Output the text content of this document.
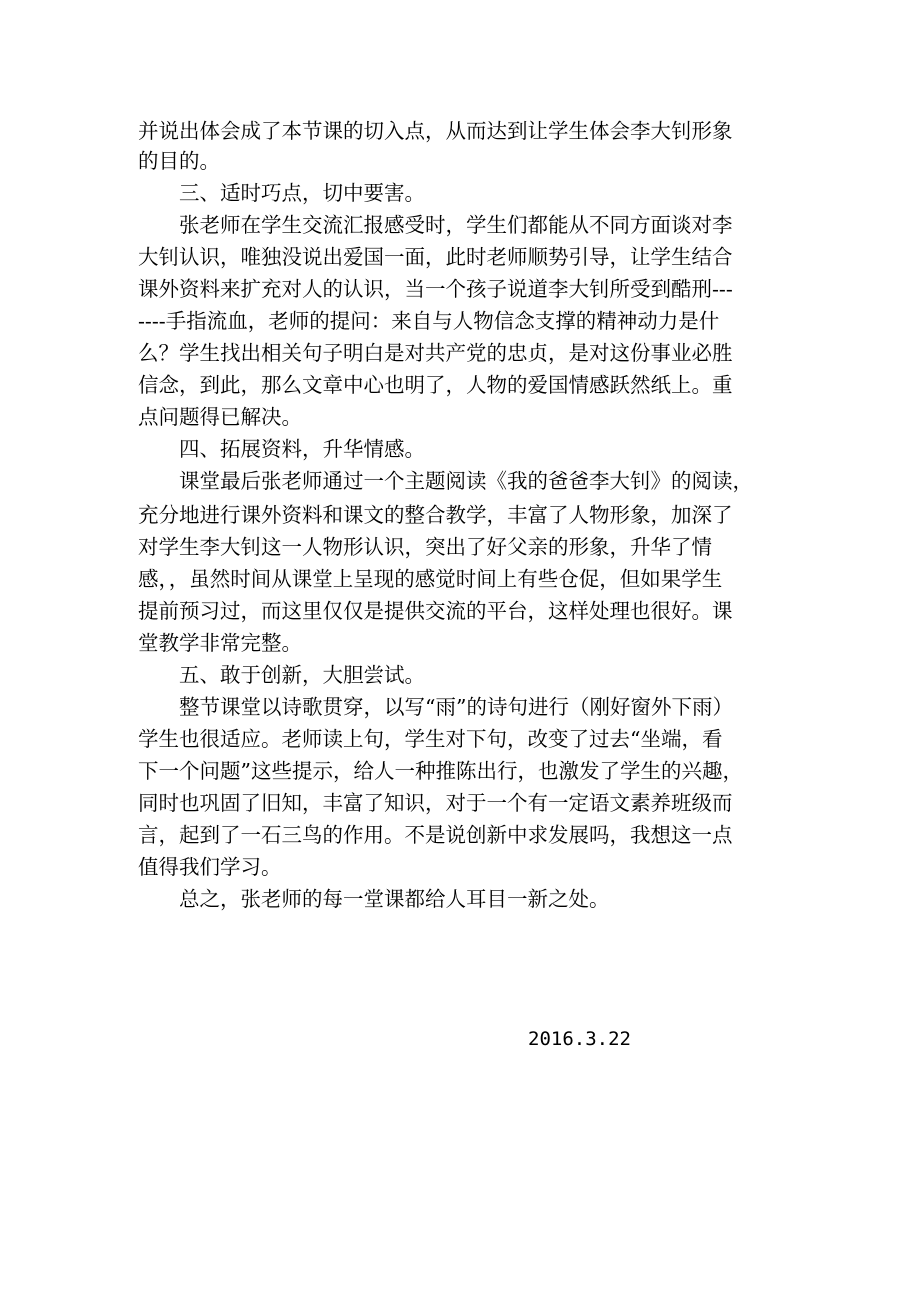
并说出体会成了本节课的切入点，从而达到让学生体会李大钊形象
的目的。
　　三、适时巧点，切中要害。
　　张老师在学生交流汇报感受时，学生们都能从不同方面谈对李
大钊认识，唯独没说出爱国一面，此时老师顺势引导，让学生结合
课外资料来扩充对人的认识，当一个孩子说道李大钊所受到酷刑---
----手指流血，老师的提问：来自与人物信念支撑的精神动力是什
么？学生找出相关句子明白是对共产党的忠贞，是对这份事业必胜
信念，到此，那么文章中心也明了，人物的爱国情感跃然纸上。重
点问题得已解决。
　　四、拓展资料，升华情感。
　　课堂最后张老师通过一个主题阅读《我的爸爸李大钊》的阅读，
充分地进行课外资料和课文的整合教学，丰富了人物形象，加深了
对学生李大钊这一人物形认识，突出了好父亲的形象，升华了情
感，，虽然时间从课堂上呈现的感觉时间上有些仓促，但如果学生
提前预习过，而这里仅仅是提供交流的平台，这样处理也很好。课
堂教学非常完整。
　　五、敢于创新，大胆尝试。
　　整节课堂以诗歌贯穿，以写“雨”的诗句进行（刚好窗外下雨）
学生也很适应。老师读上句，学生对下句，改变了过去“坐端，看
下一个问题”这些提示，给人一种推陈出行，也激发了学生的兴趣，
同时也巩固了旧知，丰富了知识，对于一个有一定语文素养班级而
言，起到了一石三鸟的作用。不是说创新中求发展吗，我想这一点
值得我们学习。
　　总之，张老师的每一堂课都给人耳目一新之处。
2016.3.22
